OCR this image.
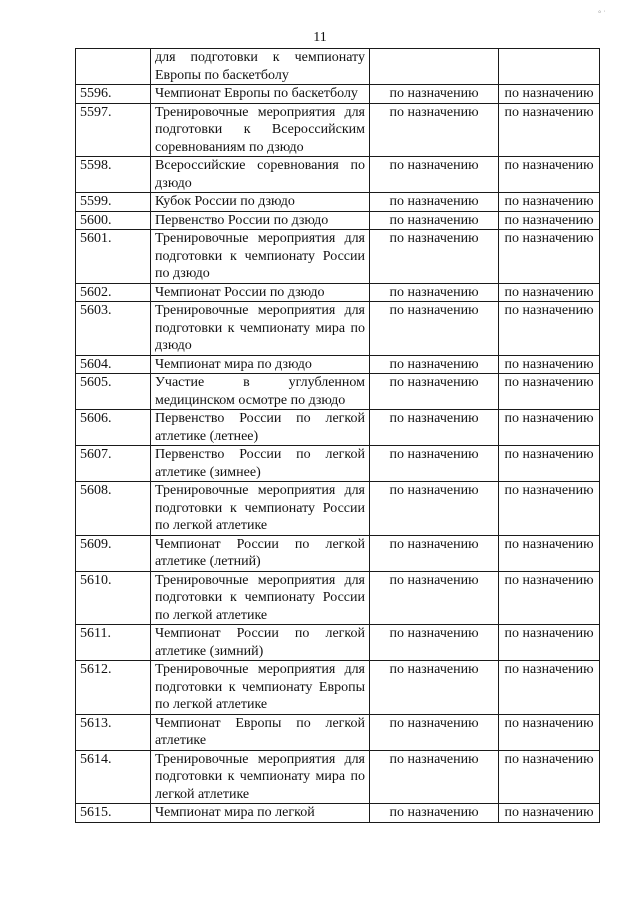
11
° ˙
	для подготовки к чемпионату Европы по баскетболу		
5596.	Чемпионат Европы по баскетболу	по назначению	по назначению
5597.	Тренировочные мероприятия для подготовки к Всероссийским соревнованиям по дзюдо	по назначению	по назначению
5598.	Всероссийские соревнования по дзюдо	по назначению	по назначению
5599.	Кубок России по дзюдо	по назначению	по назначению
5600.	Первенство России по дзюдо	по назначению	по назначению
5601.	Тренировочные мероприятия для подготовки к чемпионату России по дзюдо	по назначению	по назначению
5602.	Чемпионат России по дзюдо	по назначению	по назначению
5603.	Тренировочные мероприятия для подготовки к чемпионату мира по дзюдо	по назначению	по назначению
5604.	Чемпионат мира по дзюдо	по назначению	по назначению
5605.	Участие в углубленном медицинском осмотре по дзюдо	по назначению	по назначению
5606.	Первенство России по легкой атлетике (летнее)	по назначению	по назначению
5607.	Первенство России по легкой атлетике (зимнее)	по назначению	по назначению
5608.	Тренировочные мероприятия для подготовки к чемпионату России по легкой атлетике	по назначению	по назначению
5609.	Чемпионат России по легкой атлетике (летний)	по назначению	по назначению
5610.	Тренировочные мероприятия для подготовки к чемпионату России по легкой атлетике	по назначению	по назначению
5611.	Чемпионат России по легкой атлетике (зимний)	по назначению	по назначению
5612.	Тренировочные мероприятия для подготовки к чемпионату Европы по легкой атлетике	по назначению	по назначению
5613.	Чемпионат Европы по легкой атлетике	по назначению	по назначению
5614.	Тренировочные мероприятия для подготовки к чемпионату мира по легкой атлетике	по назначению	по назначению
5615.	Чемпионат мира по легкой	по назначению	по назначению
